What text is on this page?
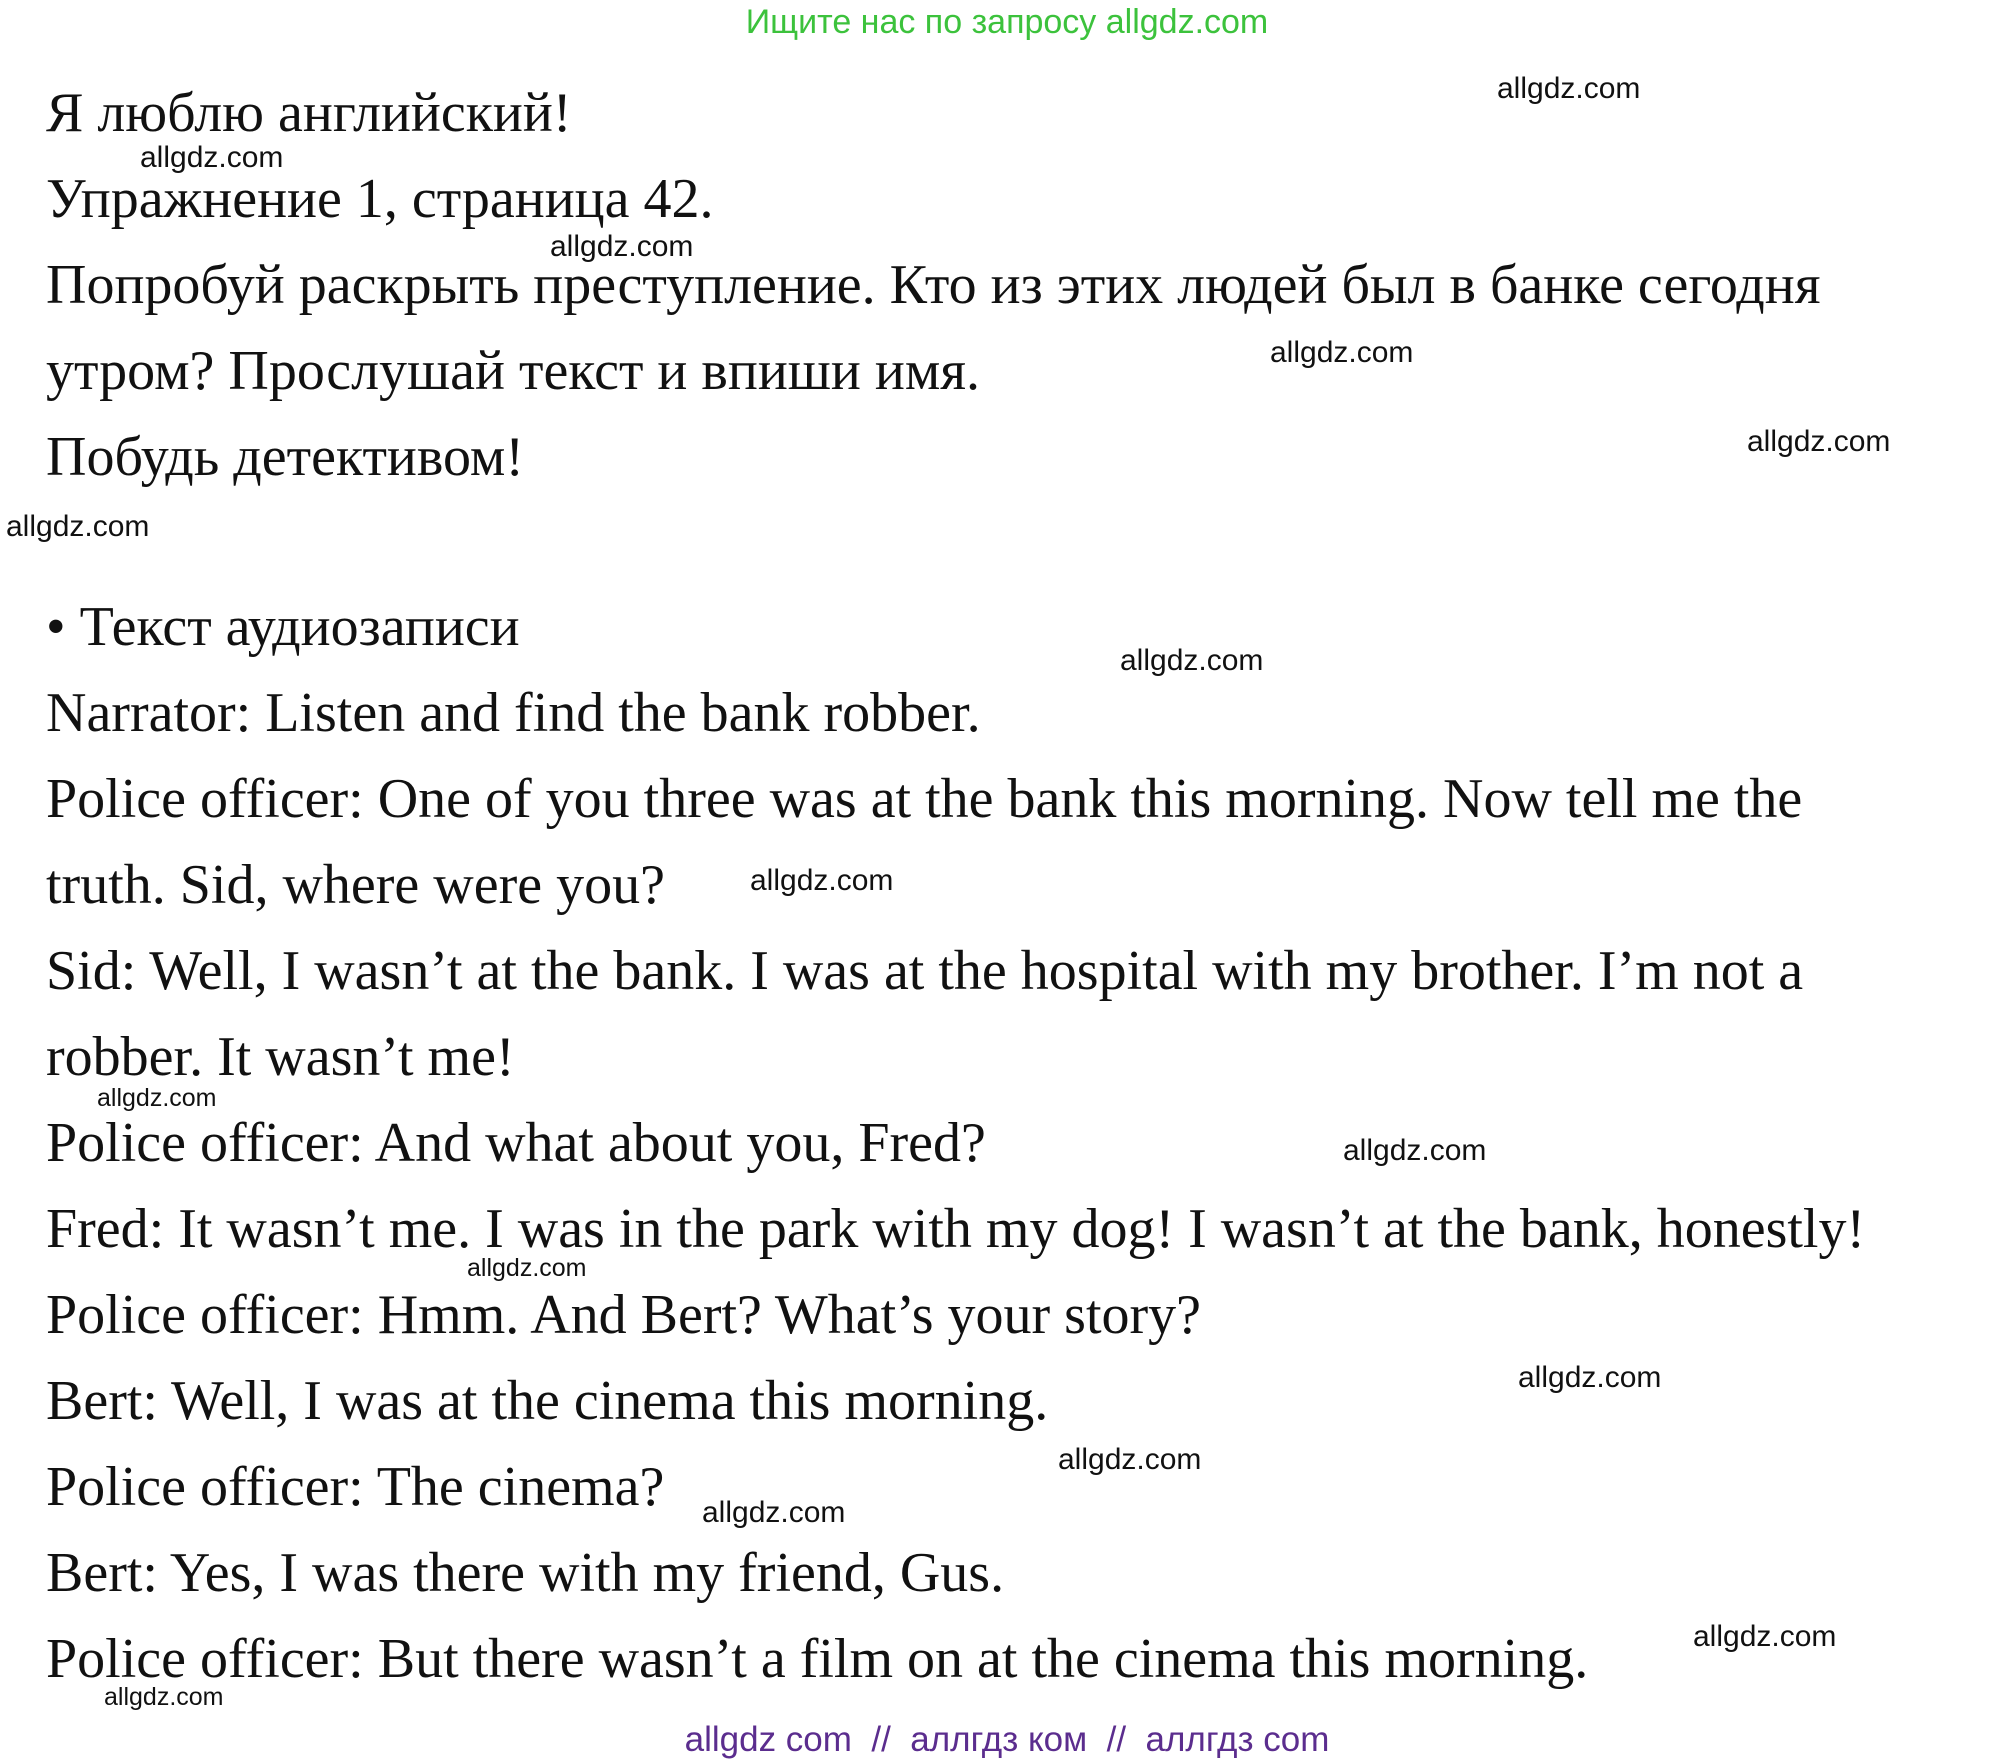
Ищите нас по запросу allgdz.com

Я люблю английский!

Упражнение 1, страница 42.

Попробуй раскрыть преступление. Кто из этих людей был в банке сегодня

утром? Прослушай текст и впиши имя.

Побудь детективом!

• Текст аудиозаписи

Narrator: Listen and find the bank robber.

Police officer: One of you three was at the bank this morning. Now tell me the

truth. Sid, where were you?

Sid: Well, I wasn’t at the bank. I was at the hospital with my brother. I’m not a

robber. It wasn’t me!

Police officer: And what about you, Fred?

Fred: It wasn’t me. I was in the park with my dog! I wasn’t at the bank, honestly!

Police officer: Hmm. And Bert? What’s your story?

Bert: Well, I was at the cinema this morning.

Police officer: The cinema?

Bert: Yes, I was there with my friend, Gus.

Police officer: But there wasn’t a film on at the cinema this morning.

allgdz.com
allgdz.com
allgdz.com
allgdz.com
allgdz.com
allgdz.com
allgdz.com
allgdz.com
allgdz.com
allgdz.com
allgdz.com
allgdz.com
allgdz.com
allgdz.com
allgdz.com
allgdz.com
allgdz com  //  аллгдз ком  //  аллгдз com
